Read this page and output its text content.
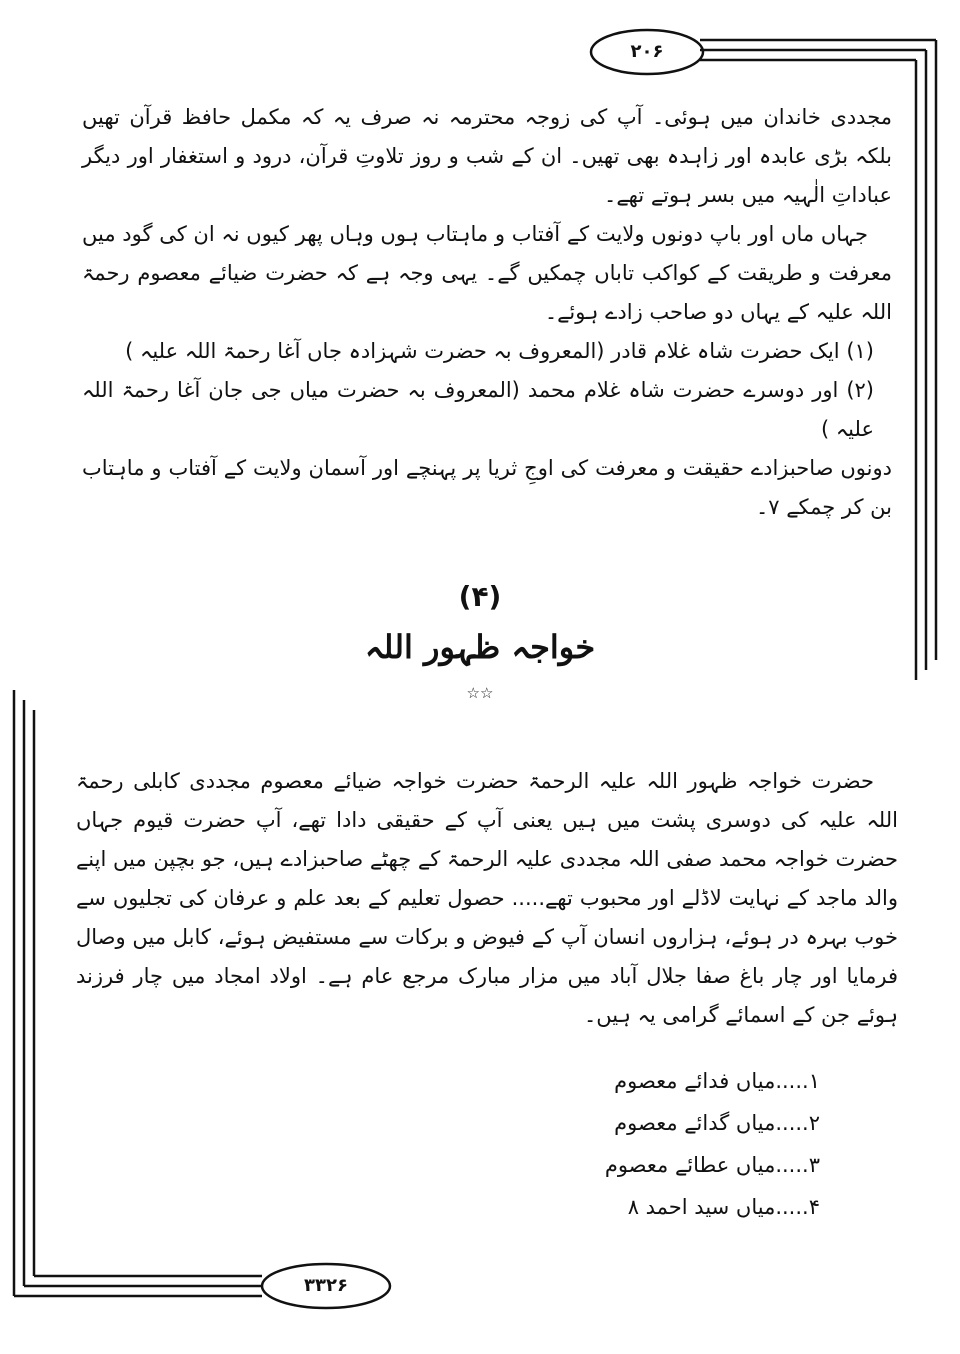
۲۰۶

مجددی خاندان میں ہوئی۔ آپ کی زوجہ محترمہ نہ صرف یہ کہ مکمل حافظ قرآن تھیں بلکہ بڑی عابدہ اور زاہدہ بھی تھیں۔ ان کے شب و روز تلاوتِ قرآن، درود و استغفار اور دیگر عباداتِ الٰہیہ میں بسر ہوتے تھے۔

جہاں ماں اور باپ دونوں ولایت کے آفتاب و ماہتاب ہوں وہاں پھر کیوں نہ ان کی گود میں معرفت و طریقت کے کواکب تاباں چمکیں گے۔ یہی وجہ ہے کہ حضرت ضیائے معصوم رحمۃ اللہ علیہ کے یہاں دو صاحب زادے ہوئے۔

(۱) ایک حضرت شاہ غلام قادر (المعروف بہ حضرت شہزادہ جاں آغا رحمۃ اللہ علیہ )

(۲) اور دوسرے حضرت شاہ غلام محمد (المعروف بہ حضرت میاں جی جان آغا رحمۃ اللہ علیہ )

دونوں صاحبزادے حقیقت و معرفت کی اوجِ ثریا پر پہنچے اور آسمان ولایت کے آفتاب و ماہتاب بن کر چمکے ۷۔

(۴)
خواجہ ظہور اللہ
☆☆

حضرت خواجہ ظہور اللہ علیہ الرحمۃ حضرت خواجہ ضیائے معصوم مجددی کابلی رحمۃ اللہ علیہ کی دوسری پشت میں ہیں یعنی آپ کے حقیقی دادا تھے، آپ حضرت قیوم جہاں حضرت خواجہ محمد صفی اللہ مجددی علیہ الرحمۃ کے چھٹے صاحبزادے ہیں، جو بچپن میں اپنے والد ماجد کے نہایت لاڈلے اور محبوب تھے..... حصول تعلیم کے بعد علم و عرفان کی تجلیوں سے خوب بہرہ در ہوئے، ہزاروں انسان آپ کے فیوض و برکات سے مستفیض ہوئے، کابل میں وصال فرمایا اور چار باغ صفا جلال آباد میں مزار مبارک مرجع عام ہے۔ اولاد امجاد میں چار فرزند ہوئے جن کے اسمائے گرامی یہ ہیں۔

۱.....میاں فدائے معصوم
۲.....میاں گدائے معصوم
۳.....میاں عطائے معصوم
۴.....میاں سید احمد ۸
۳۳۲۶
